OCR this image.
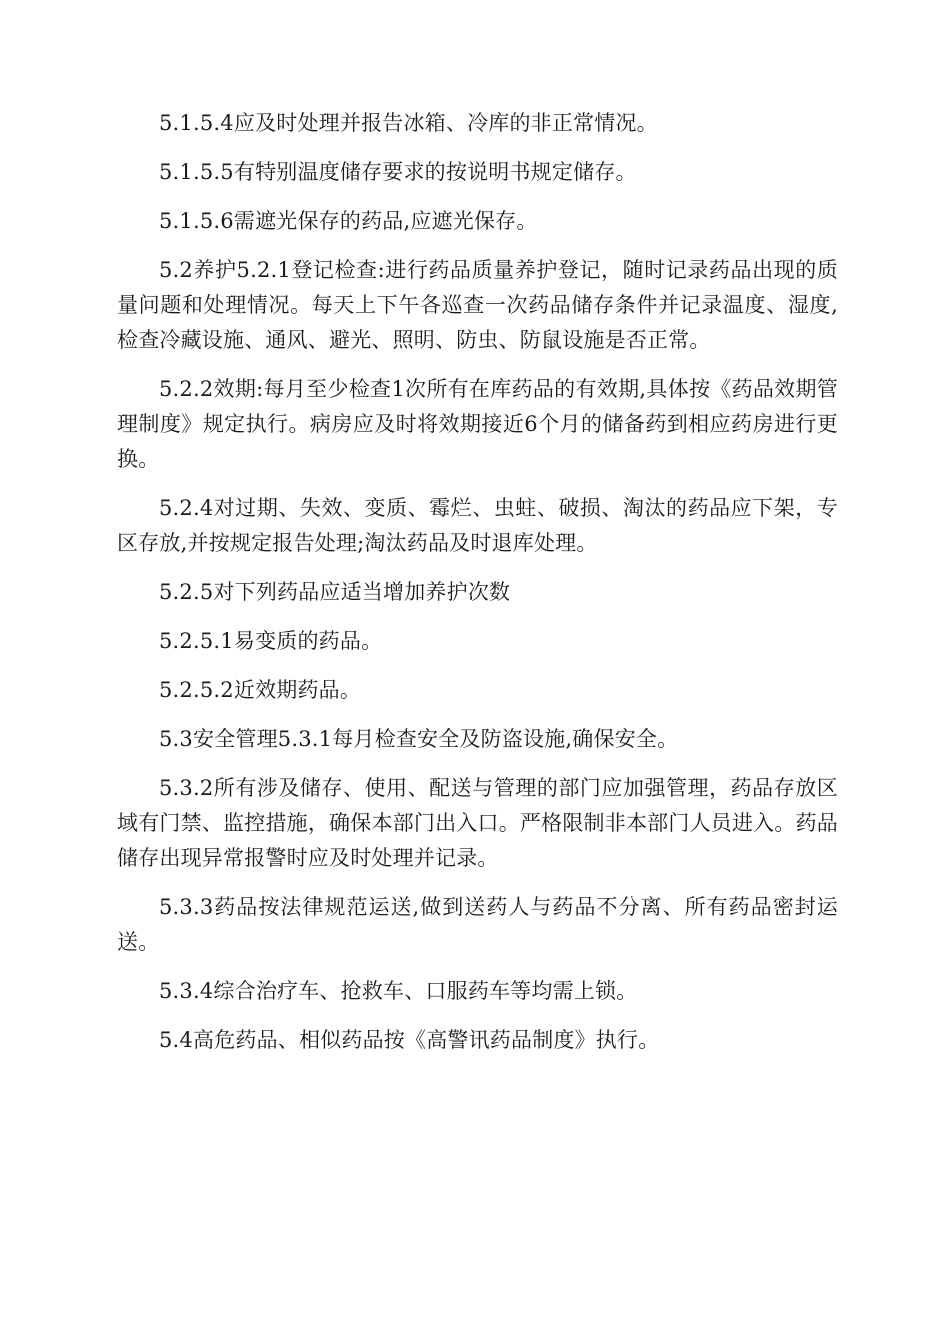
5.1.5.4应及时处理并报告冰箱、冷库的非正常情况。

5.1.5.5有特别温度储存要求的按说明书规定储存。

5.1.5.6需遮光保存的药品,应遮光保存。

5.2养护5.2.1登记检查:进行药品质量养护登记，随时记录药品出现的质量问题和处理情况。每天上下午各巡查一次药品储存条件并记录温度、湿度,检查冷藏设施、通风、避光、照明、防虫、防鼠设施是否正常。

5.2.2效期:每月至少检查1次所有在库药品的有效期,具体按《药品效期管理制度》规定执行。病房应及时将效期接近6个月的储备药到相应药房进行更换。

5.2.4对过期、失效、变质、霉烂、虫蛀、破损、淘汰的药品应下架，专区存放,并按规定报告处理;淘汰药品及时退库处理。

5.2.5对下列药品应适当增加养护次数

5.2.5.1易变质的药品。

5.2.5.2近效期药品。

5.3安全管理5.3.1每月检查安全及防盗设施,确保安全。

5.3.2所有涉及储存、使用、配送与管理的部门应加强管理，药品存放区域有门禁、监控措施，确保本部门出入口。严格限制非本部门人员进入。药品储存出现异常报警时应及时处理并记录。

5.3.3药品按法律规范运送,做到送药人与药品不分离、所有药品密封运送。

5.3.4综合治疗车、抢救车、口服药车等均需上锁。

5.4高危药品、相似药品按《高警讯药品制度》执行。
